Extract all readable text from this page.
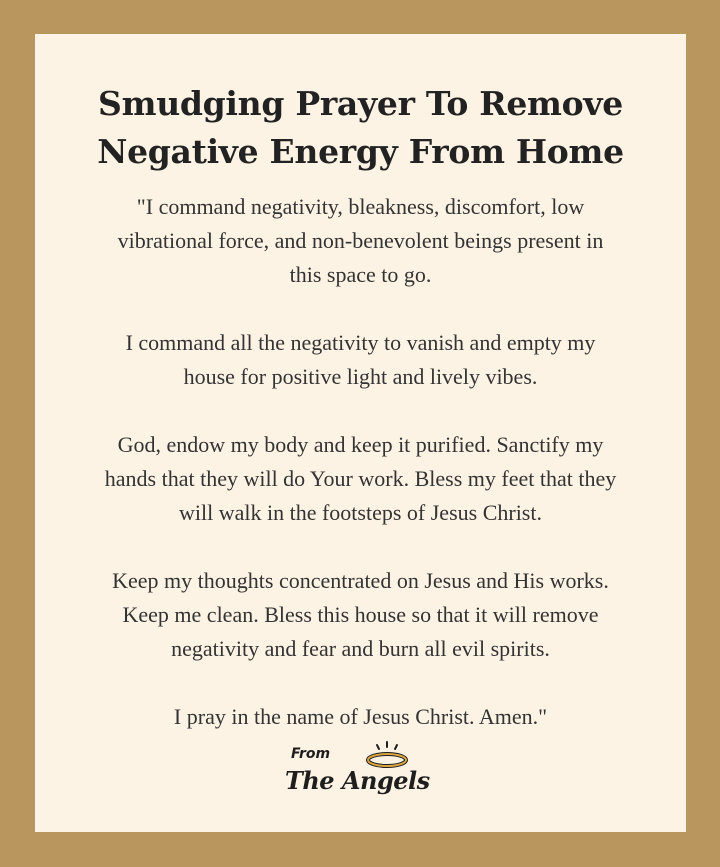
Smudging Prayer To Remove
Negative Energy From Home

"I command negativity, bleakness, discomfort, low
vibrational force, and non-benevolent beings present in
this space to go.

I command all the negativity to vanish and empty my
house for positive light and lively vibes.

God, endow my body and keep it purified. Sanctify my
hands that they will do Your work. Bless my feet that they
will walk in the footsteps of Jesus Christ.

Keep my thoughts concentrated on Jesus and His works.
Keep me clean. Bless this house so that it will remove
negativity and fear and burn all evil spirits.

I pray in the name of Jesus Christ. Amen."

From
The Angels
